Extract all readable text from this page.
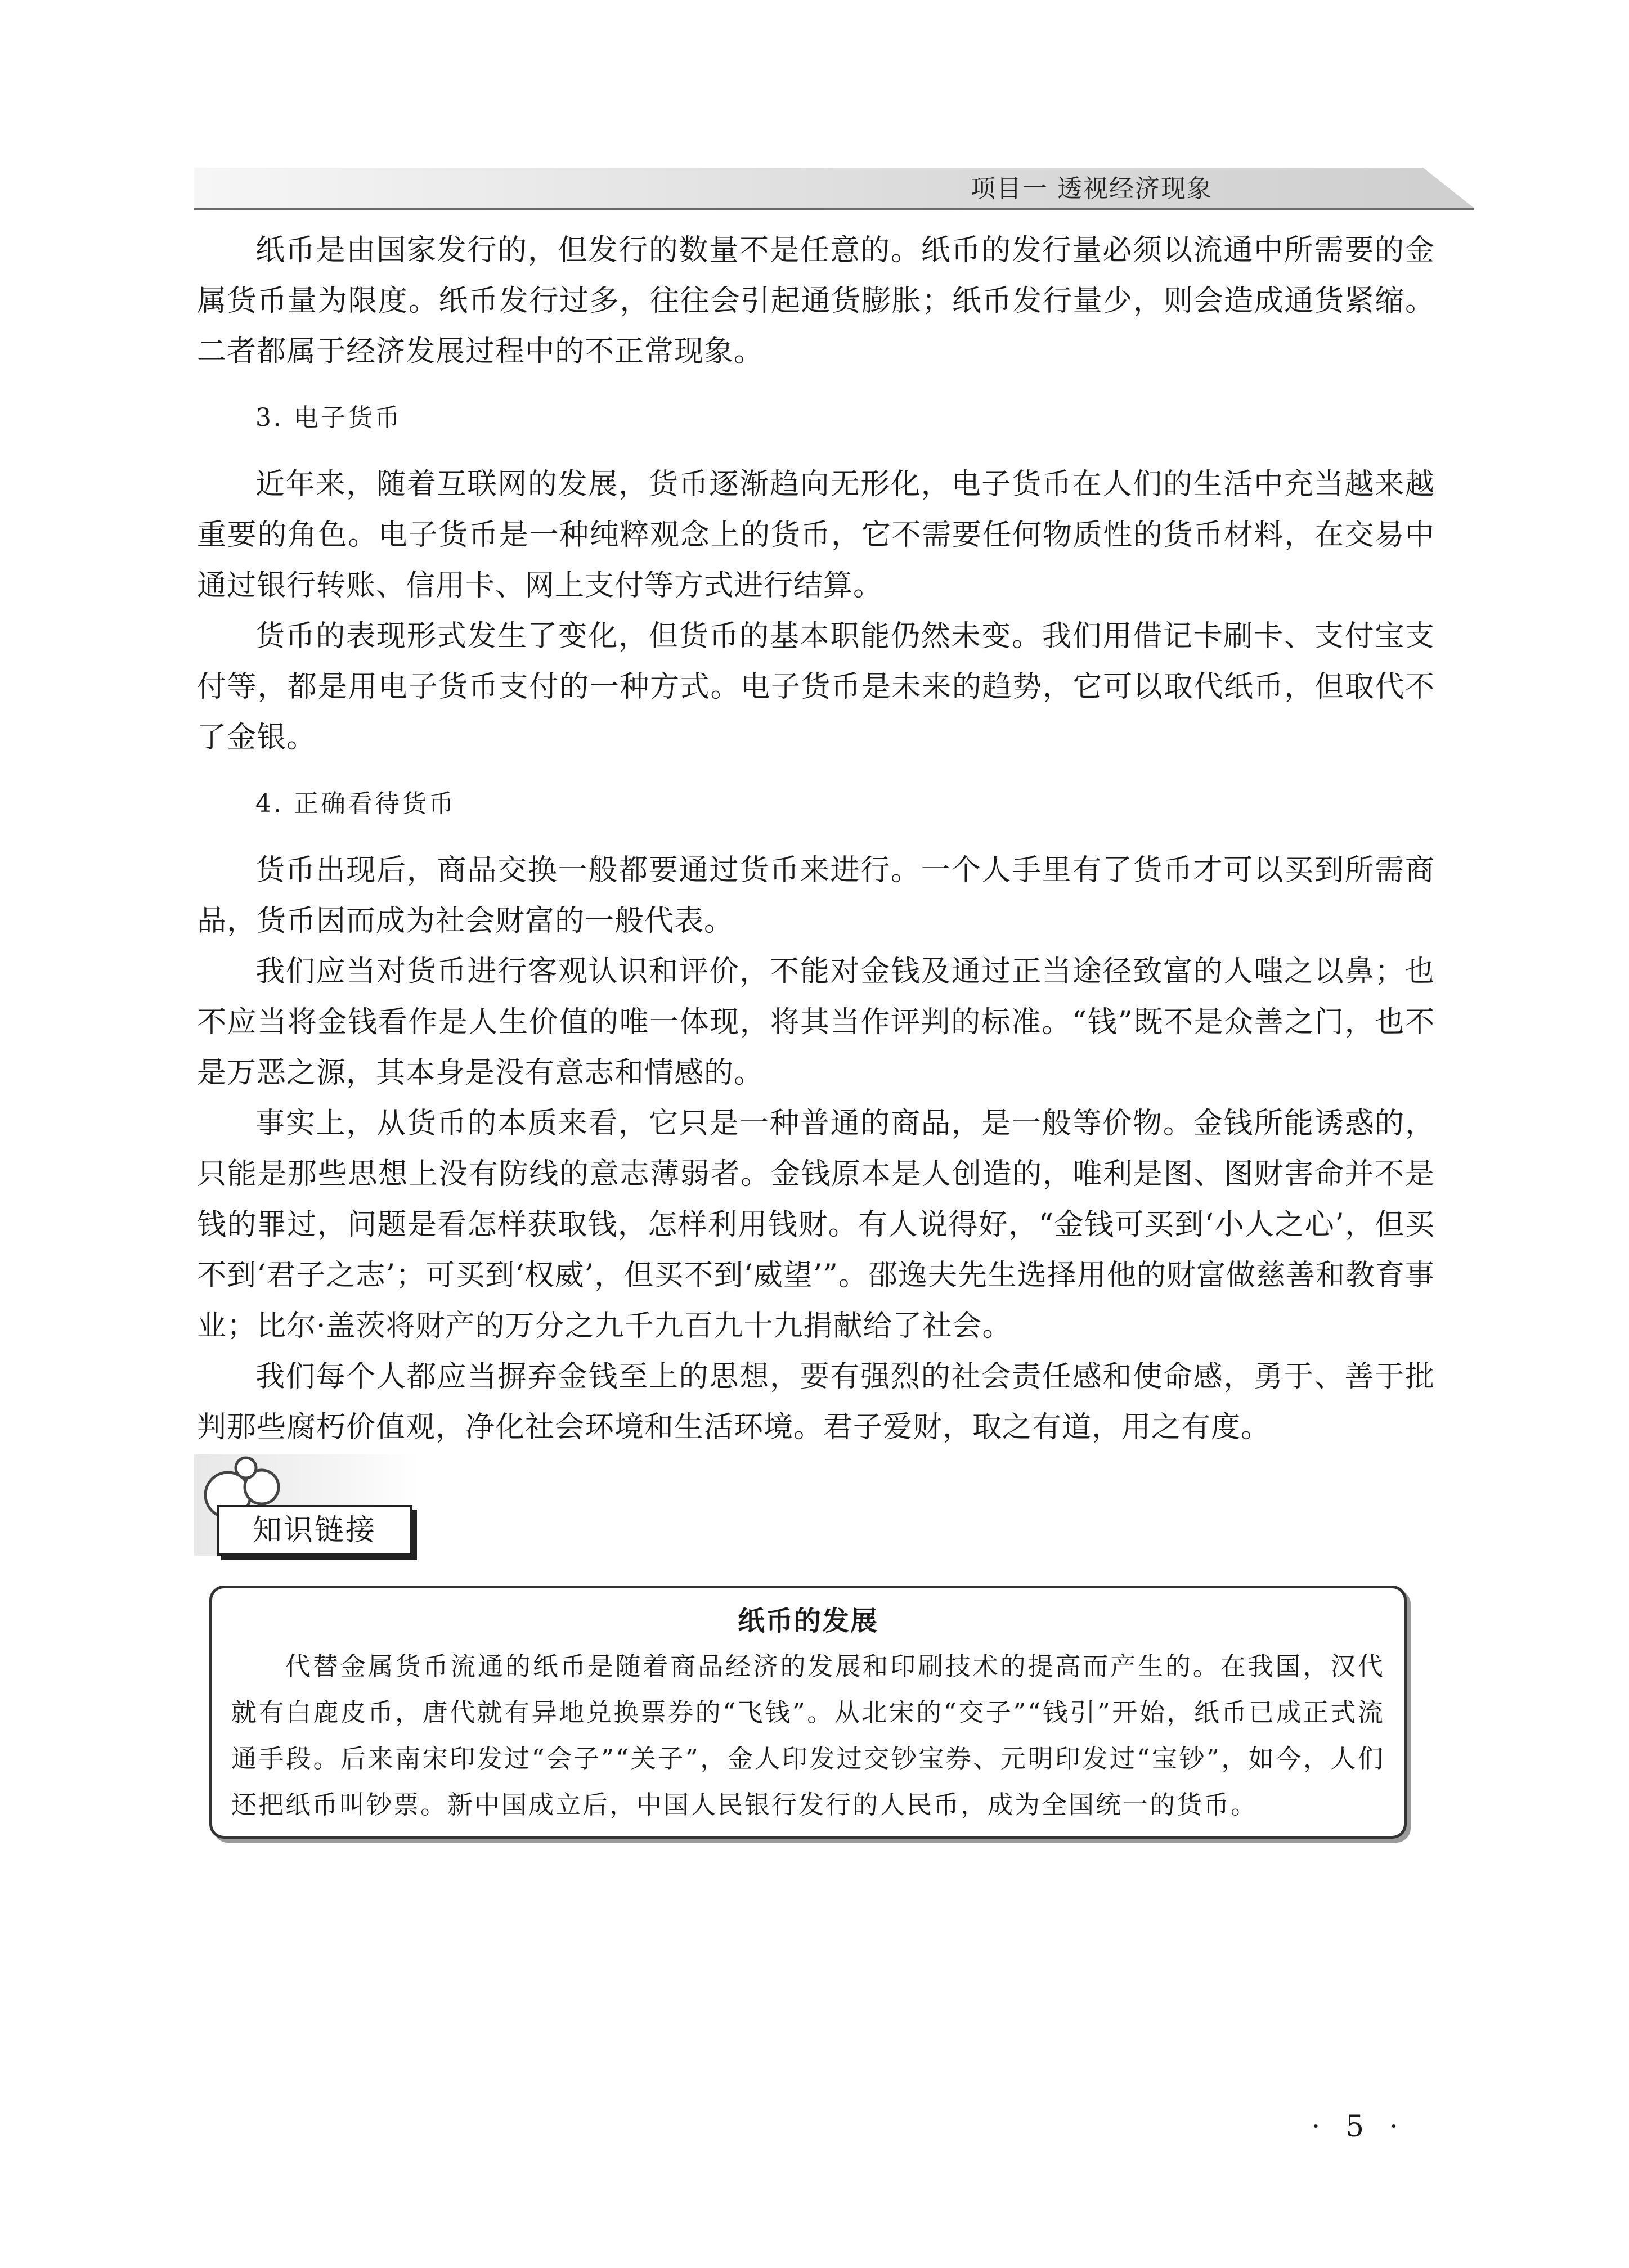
项目一 透视经济现象

纸币是由国家发行的，但发行的数量不是任意的。纸币的发行量必须以流通中所需要的金属货币量为限度。纸币发行过多，往往会引起通货膨胀；纸币发行量少，则会造成通货紧缩。二者都属于经济发展过程中的不正常现象。

3. 电子货币

近年来，随着互联网的发展，货币逐渐趋向无形化，电子货币在人们的生活中充当越来越重要的角色。电子货币是一种纯粹观念上的货币，它不需要任何物质性的货币材料，在交易中通过银行转账、信用卡、网上支付等方式进行结算。

货币的表现形式发生了变化，但货币的基本职能仍然未变。我们用借记卡刷卡、支付宝支付等，都是用电子货币支付的一种方式。电子货币是未来的趋势，它可以取代纸币，但取代不了金银。

4. 正确看待货币

货币出现后，商品交换一般都要通过货币来进行。一个人手里有了货币才可以买到所需商品，货币因而成为社会财富的一般代表。

我们应当对货币进行客观认识和评价，不能对金钱及通过正当途径致富的人嗤之以鼻；也不应当将金钱看作是人生价值的唯一体现，将其当作评判的标准。“钱”既不是众善之门，也不是万恶之源，其本身是没有意志和情感的。

事实上，从货币的本质来看，它只是一种普通的商品，是一般等价物。金钱所能诱惑的，只能是那些思想上没有防线的意志薄弱者。金钱原本是人创造的，唯利是图、图财害命并不是钱的罪过，问题是看怎样获取钱，怎样利用钱财。有人说得好，“金钱可买到‘小人之心’，但买不到‘君子之志’；可买到‘权威’，但买不到‘威望’”。邵逸夫先生选择用他的财富做慈善和教育事业；比尔·盖茨将财产的万分之九千九百九十九捐献给了社会。

我们每个人都应当摒弃金钱至上的思想，要有强烈的社会责任感和使命感，勇于、善于批判那些腐朽价值观，净化社会环境和生活环境。君子爱财，取之有道，用之有度。

知识链接

纸币的发展

代替金属货币流通的纸币是随着商品经济的发展和印刷技术的提高而产生的。在我国，汉代就有白鹿皮币，唐代就有异地兑换票券的“飞钱”。从北宋的“交子”“钱引”开始，纸币已成正式流通手段。后来南宋印发过“会子”“关子”，金人印发过交钞宝券、元明印发过“宝钞”，如今，人们还把纸币叫钞票。新中国成立后，中国人民银行发行的人民币，成为全国统一的货币。

· 5 ·
